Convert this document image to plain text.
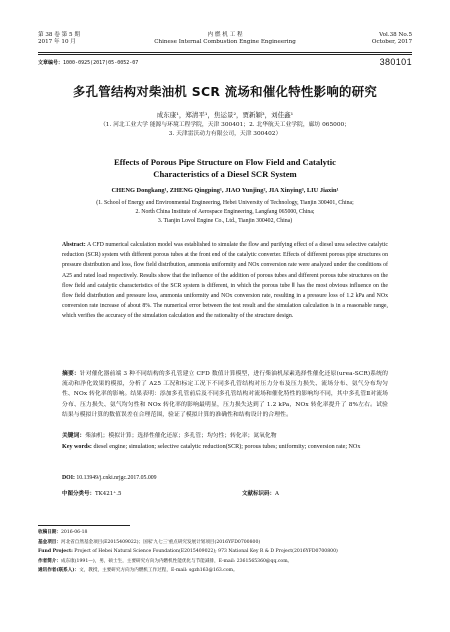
第 38 卷 第 5 期
2017 年 10 月
内 燃 机 工 程
Chinese Internal Combustion Engine Engineering
Vol.38 No.5
October, 2017
文章编号：1000-0925(2017)05-0052-07	380101
多孔管结构对柴油机 SCR 流场和催化特性影响的研究
成东康¹，郑清平¹，焦运景²，贾新颖³，刘佳鑫¹
（1. 河北工业大学 能源与环境工程学院，天津 300401；2. 北华航天工业学院，廊坊 065000；
3. 天津雷沃动力有限公司，天津 300402）
Effects of Porous Pipe Structure on Flow Field and Catalytic
Characteristics of a Diesel SCR System
CHENG Dongkang¹, ZHENG Qingping¹, JIAO Yunjing², JIA Xinying³, LIU Jiaxin¹
(1. School of Energy and Environmental Engineering, Hebei University of Technology, Tianjin 300401, China;
2. North China Institute of Aerospace Engineering, Langfang 065000, China;
3. Tianjin Lovol Engine Co., Ltd., Tianjin 300402, China)
Abstract: A CFD numerical calculation model was established to simulate the flow and purifying effect of a diesel urea selective catalytic reduction (SCR) system with different porous tubes at the front end of the catalytic converter. Effects of different porous pipe structures on pressure distribution and loss, flow field distribution, ammonia uniformity and NOx conversion rate were analyzed under the conditions of A25 and rated load respectively. Results show that the influence of the addition of porous tubes and different porous tube structures on the flow field and catalytic characteristics of the SCR system is different, in which the porous tube Ⅱ has the most obvious influence on the flow field distribution and pressure loss, ammonia uniformity and NOx conversion rate, resulting in a pressure loss of 1.2 kPa and NOx conversion rate increase of about 8%. The numerical error between the test result and the simulation calculation is in a reasonable range, which verifies the accuracy of the simulation calculation and the rationality of the structure design.
摘要：针对催化器前端 3 种不同结构的多孔管建立 CFD 数值计算模型，进行柴油机尿素选择性催化还原(urea-SCR)系统的流动和净化效果的模拟，分析了 A25 工况和标定工况下不同多孔管结构对压力分布及压力损失、流场分布、氨气分布均匀性、NOx 转化率的影响。结果表明：添加多孔管前后及不同多孔管结构对流场和催化特性的影响均不同，其中多孔管Ⅱ对流场分布、压力损失、氨气均匀性和 NOx 转化率的影响最明显，压力损失达到了 1.2 kPa，NOx 转化率提升了 8%左右。试验结果与模拟计算的数值误差在合理范围，验证了模拟计算的准确性和结构设计的合理性。
关键词：柴油机；模拟计算；选择性催化还原；多孔管；均匀性；转化率；氮氧化物
Key words: diesel engine; simulation; selective catalytic reduction(SCR); porous tubes; uniformity; conversion rate; NOx
DOI: 10.13949/j.cnki.nrjgc.2017.05.009
中图分类号：TK421⁺.5	文献标识码：A
收稿日期：2016-06-18
基金项目：河北省自然基金项目(E2015409022)；国家'九七三'重点研究发展计划项目(2016YFD0700800)
Fund Project: Project of Hebei Natural Science Foundation(E2015409022); 973 National Key R & D Project(2016YFD0700800)
作者简介：成东康(1991—)，男，硕士生，主要研究方向为内燃机性能优化与节能减排，E-mail: 2361565360@qq.com。
通讯作者(联系人)：文，教授，主要研究方向为内燃机工作过程，E-mail: sgzh163@163.com。
